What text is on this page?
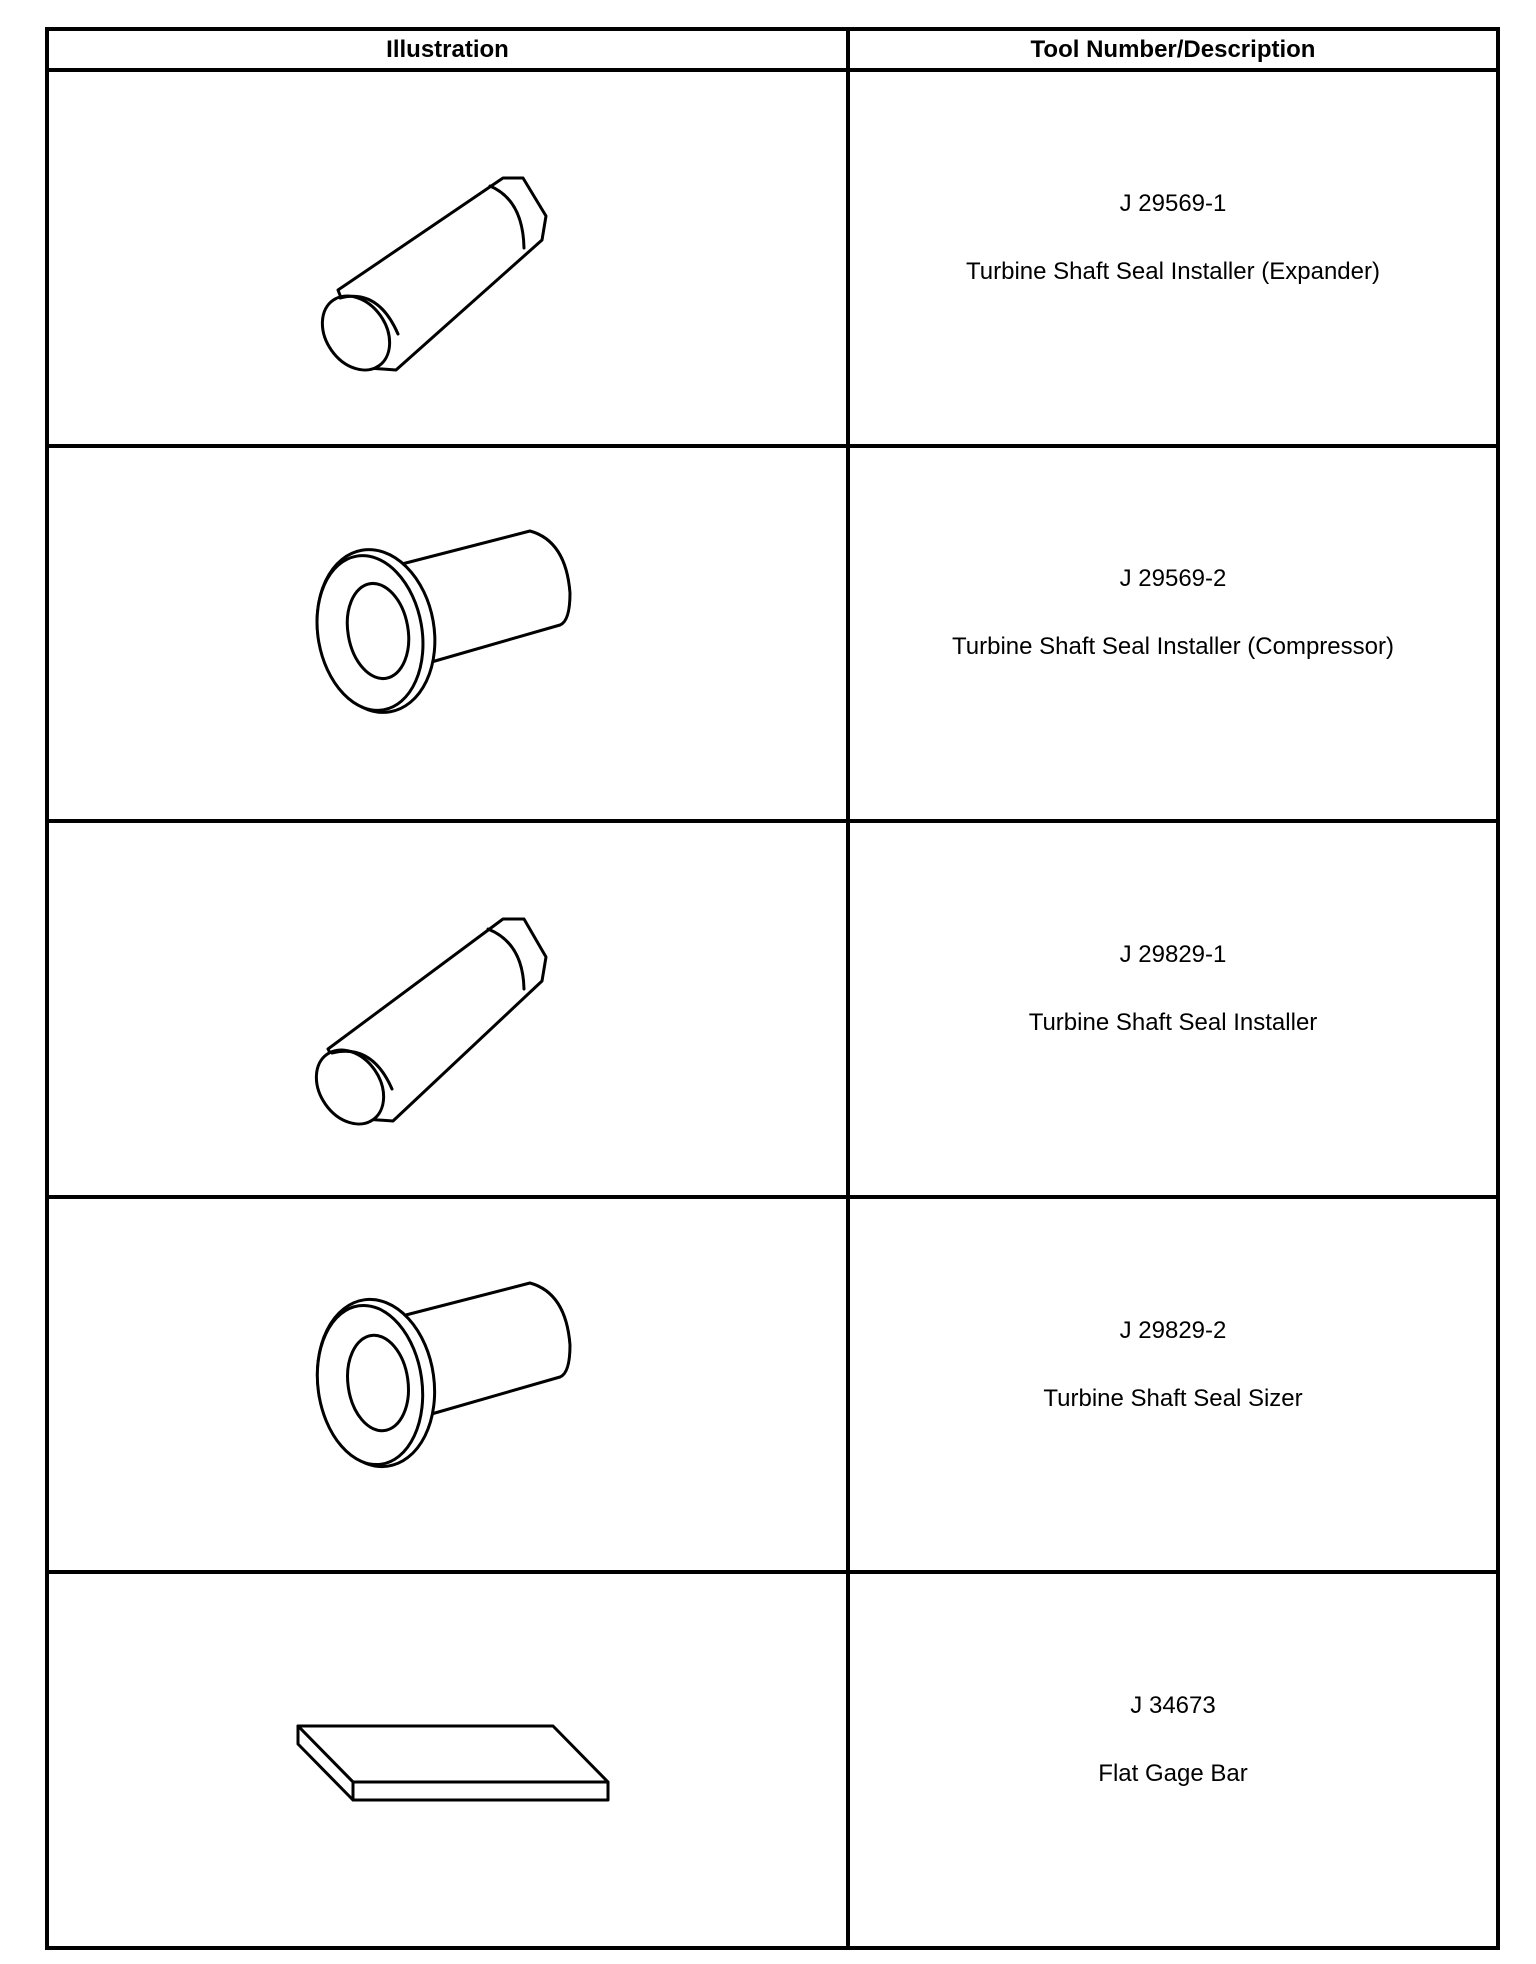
Illustration	Tool Number/Description

J 29569-1
Turbine Shaft Seal Installer (Expander)

J 29569-2
Turbine Shaft Seal Installer (Compressor)

J 29829-1
Turbine Shaft Seal Installer

J 29829-2
Turbine Shaft Seal Sizer

J 34673
Flat Gage Bar
